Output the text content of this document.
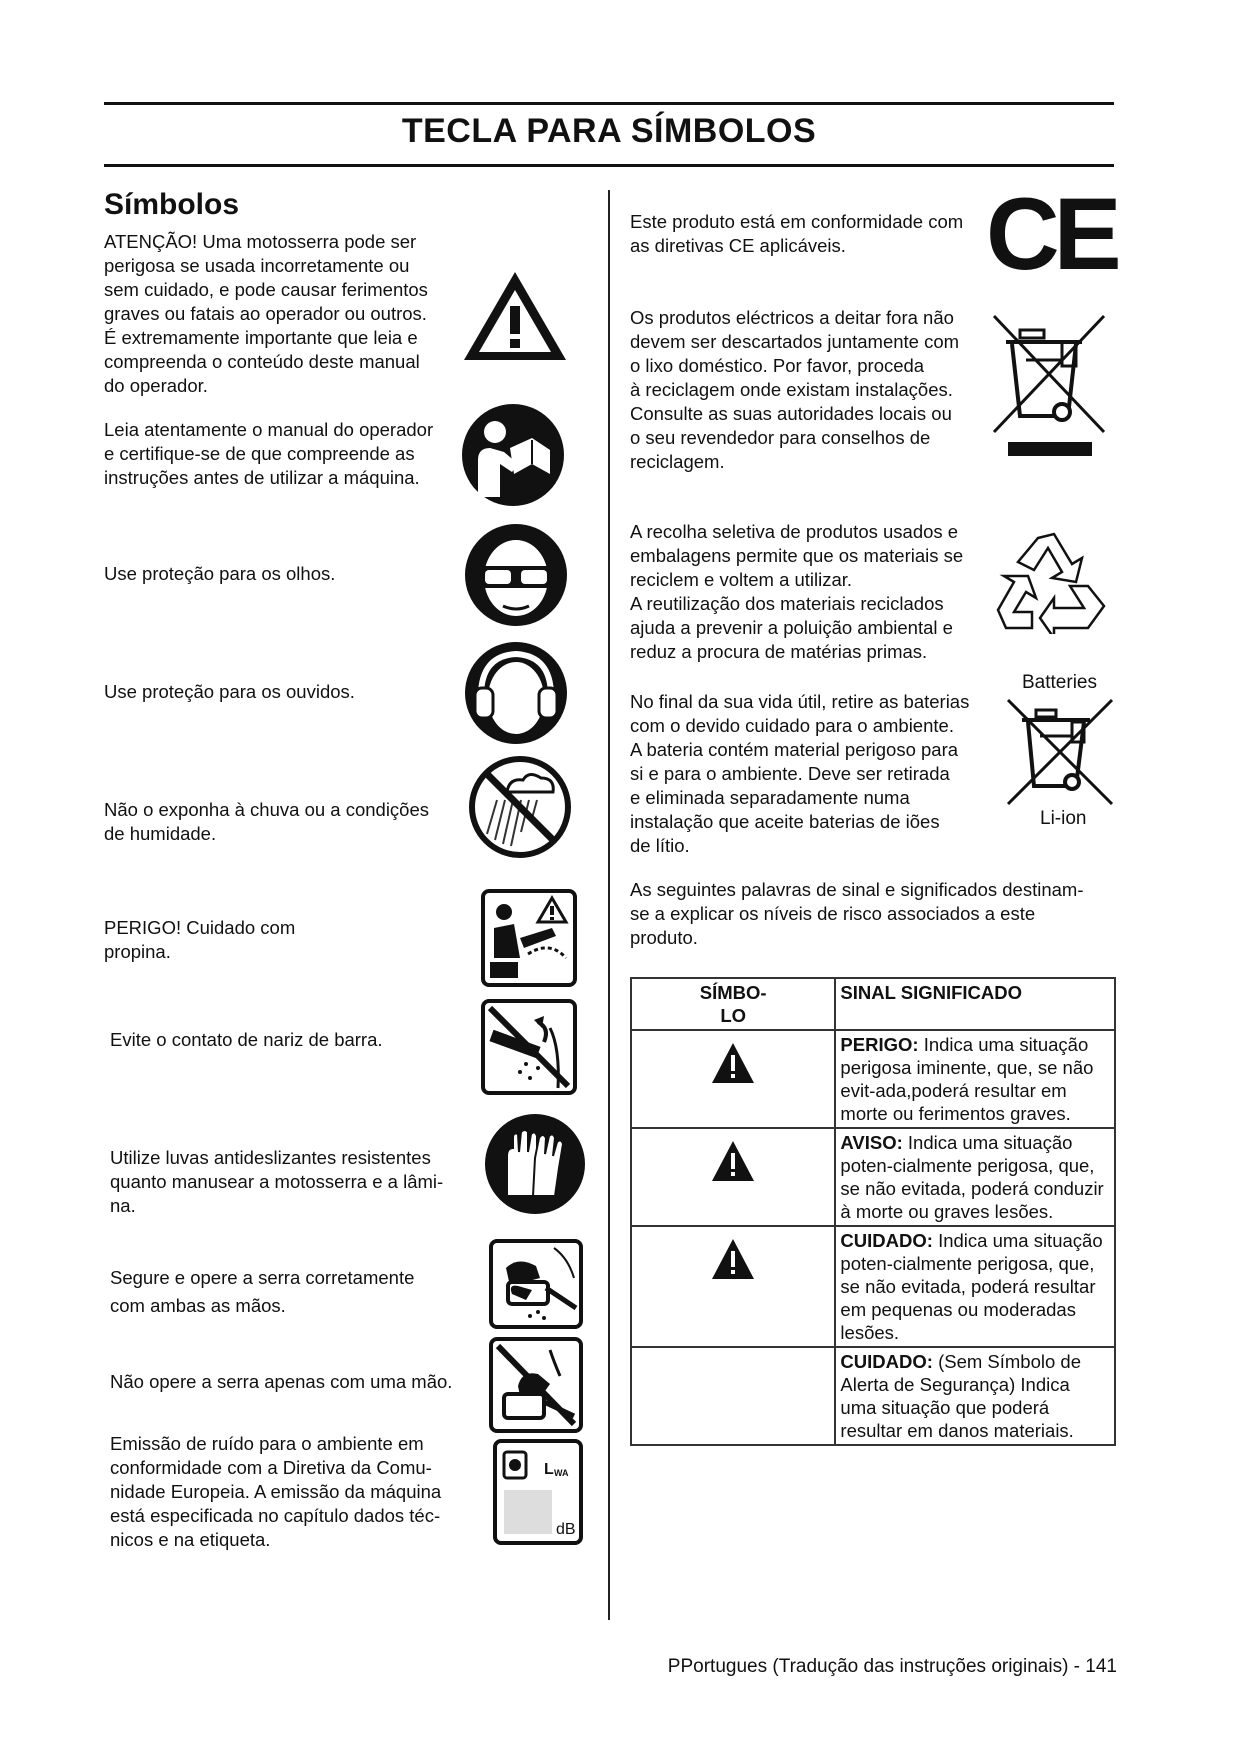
TECLA PARA SÍMBOLOS
Símbolos
ATENÇÃO! Uma motosserra pode ser
perigosa se usada incorretamente ou
sem cuidado, e pode causar ferimentos
graves ou fatais ao operador ou outros.
É extremamente importante que leia e
compreenda o conteúdo deste manual
do operador.
Leia atentamente o manual do operador
e certifique-se de que compreende as
instruções antes de utilizar a máquina.
Use proteção para os olhos.
Use proteção para os ouvidos.
Não o exponha à chuva ou a condições
de humidade.
PERIGO! Cuidado com
propina.
Evite o contato de nariz de barra.
Utilize luvas antideslizantes resistentes
quanto manusear a motosserra e a lâmi-
na.
Segure e opere a serra corretamente
com ambas as mãos.
Não opere a serra apenas com uma mão.
Emissão de ruído para o ambiente em
conformidade com a Diretiva da Comu-
nidade Europeia. A emissão da máquina
está especificada no capítulo dados téc-
nicos e na etiqueta.
L WA
dB
Este produto está em conformidade com
as diretivas CE aplicáveis.	CE
Os produtos eléctricos a deitar fora não
devem ser descartados juntamente com
o lixo doméstico. Por favor, proceda
à reciclagem onde existam instalações.
Consulte as suas autoridades locais ou
o seu revendedor para conselhos de
reciclagem.
A recolha seletiva de produtos usados e
embalagens permite que os materiais se
reciclem e voltem a utilizar.
A reutilização dos materiais reciclados
ajuda a prevenir a poluição ambiental e
reduz a procura de matérias primas.
No final da sua vida útil, retire as baterias
com o devido cuidado para o ambiente.
A bateria contém material perigoso para
si e para o ambiente. Deve ser retirada
e eliminada separadamente numa
instalação que aceite baterias de iões
de lítio.
Batteries
Li-ion
As seguintes palavras de sinal e significados destinam-
se a explicar os níveis de risco associados a este
produto.
SÍMBO-
LO	SINAL SIGNIFICADO
	PERIGO: Indica uma situação perigosa iminente, que, se não evit-ada,poderá resultar em morte ou ferimentos graves.
	AVISO: Indica uma situação poten-cialmente perigosa, que, se não evitada, poderá conduzir à morte ou graves lesões.
	CUIDADO: Indica uma situação poten-cialmente perigosa, que, se não evitada, poderá resultar em pequenas ou moderadas lesões.
	CUIDADO: (Sem Símbolo de Alerta de Segurança) Indica uma situação que poderá resultar em danos materiais.
PPortugues (Tradução das instruções originais) - 141
